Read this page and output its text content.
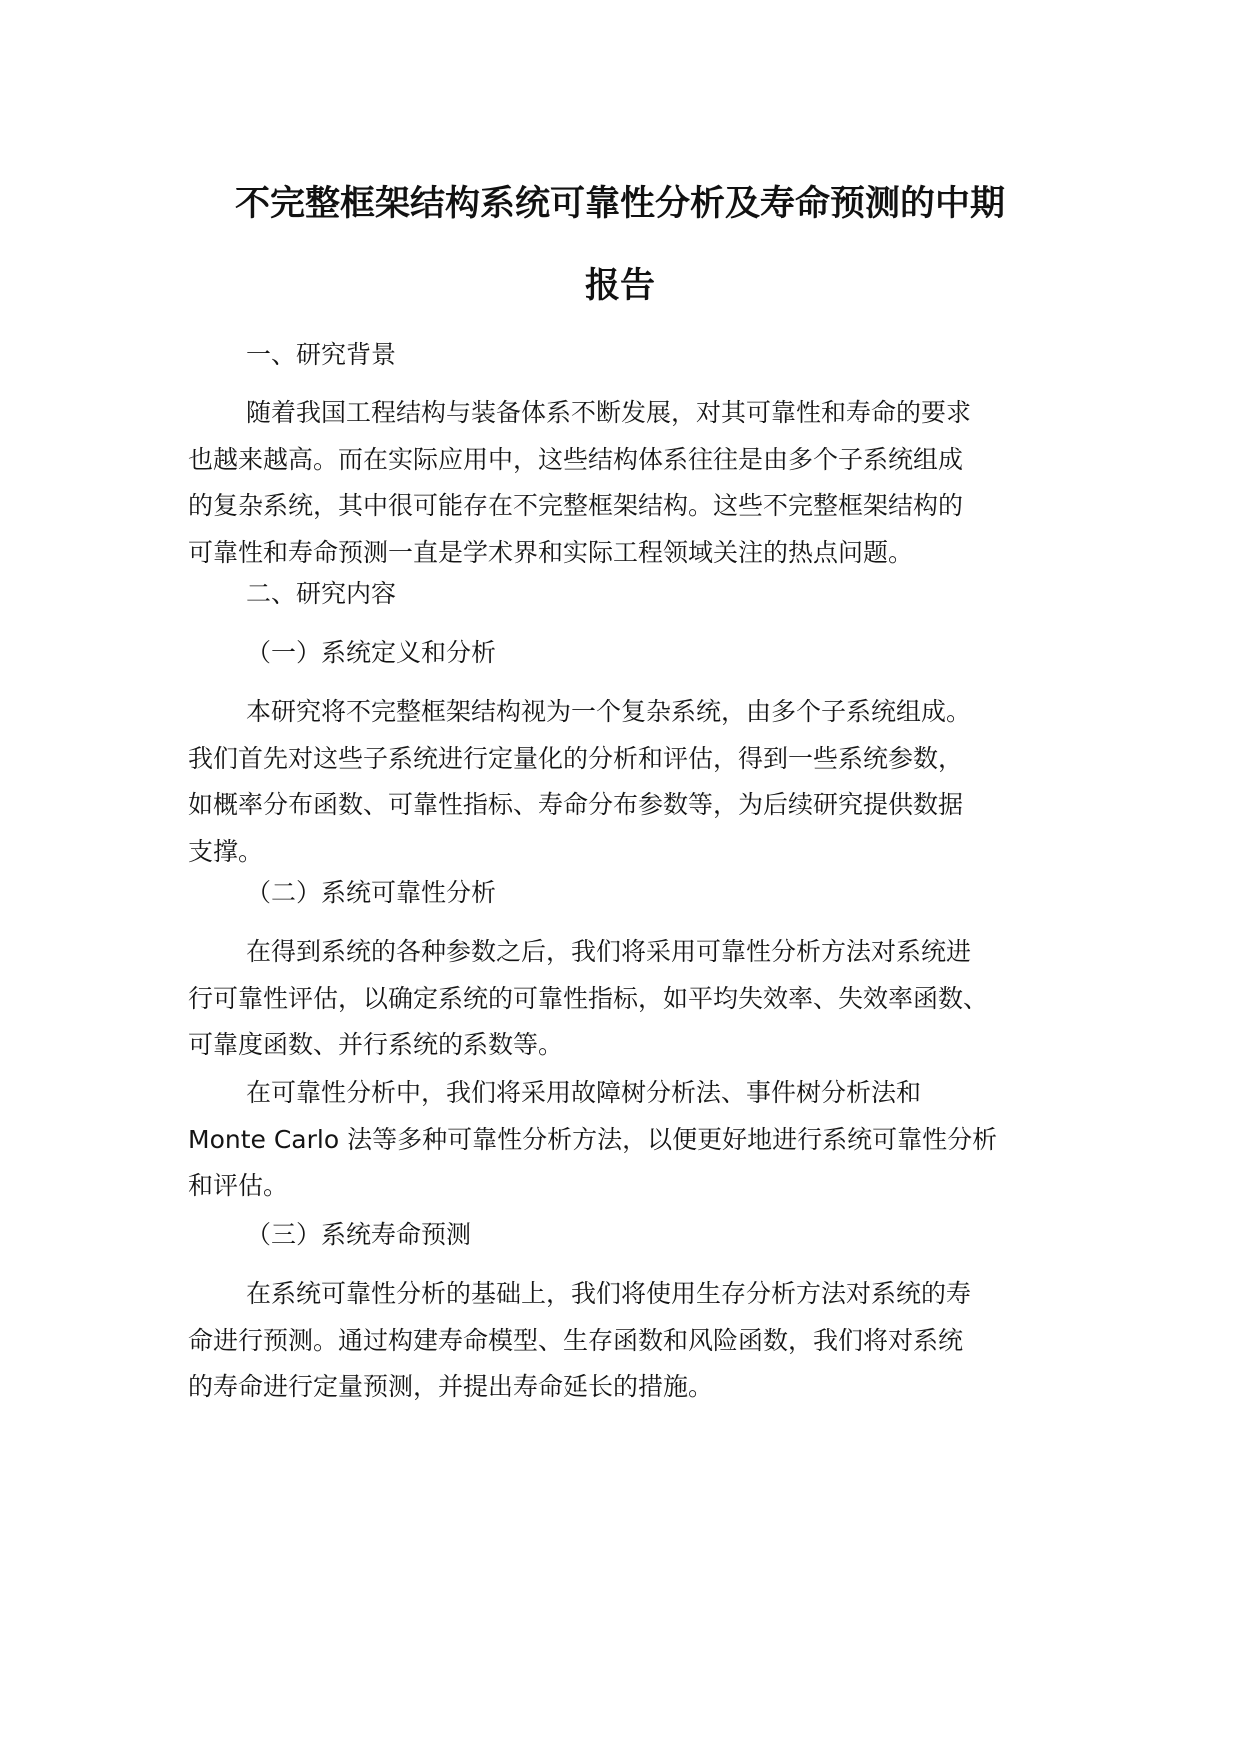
不完整框架结构系统可靠性分析及寿命预测的中期
报告
一、研究背景
随着我国工程结构与装备体系不断发展，对其可靠性和寿命的要求
也越来越高。而在实际应用中，这些结构体系往往是由多个子系统组成
的复杂系统，其中很可能存在不完整框架结构。这些不完整框架结构的
可靠性和寿命预测一直是学术界和实际工程领域关注的热点问题。
二、研究内容
（一）系统定义和分析
本研究将不完整框架结构视为一个复杂系统，由多个子系统组成。
我们首先对这些子系统进行定量化的分析和评估，得到一些系统参数，
如概率分布函数、可靠性指标、寿命分布参数等，为后续研究提供数据
支撑。
（二）系统可靠性分析
在得到系统的各种参数之后，我们将采用可靠性分析方法对系统进
行可靠性评估，以确定系统的可靠性指标，如平均失效率、失效率函数、
可靠度函数、并行系统的系数等。
在可靠性分析中，我们将采用故障树分析法、事件树分析法和
Monte Carlo 法等多种可靠性分析方法，以便更好地进行系统可靠性分析
和评估。
（三）系统寿命预测
在系统可靠性分析的基础上，我们将使用生存分析方法对系统的寿
命进行预测。通过构建寿命模型、生存函数和风险函数，我们将对系统
的寿命进行定量预测，并提出寿命延长的措施。
